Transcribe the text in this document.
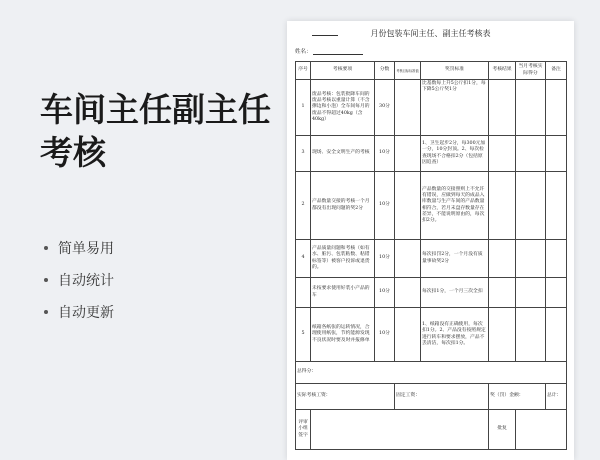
车间主任副主任考核
简单易用
自动统计
自动更新
月份包装车间主任、副主任考核表
姓名：
序号	考核要项	分数	考核目标标准值	奖罚标准	考核结果	当月考核实际得分	备注
1	废品考核：包装批降车间的废品考核以重量计算（不含撩边和小泡）全车间每月的废品不得超过40kg（含40kg）	30分		比基数每上升5公斤扣1分，每下降5公斤奖1分			
3	现场、安全文明生产的考核	10分		1、卫生起步2分，每300元加一分，10分封顶。2、每次检查现场不合格扣2分（包括原因追查）			
2	产品数量交接的考核一个月都没有出现问题的奖2分	10分		产品数量的交接照则上不允许有错误，应做到每天的成品入库数量与生产车间的产品数量相符合，若月末盘存数量存在差异，不能说明原由的，每次扣2分。			
4	产品质量问题和考核（如有水、脏污、包装粘数、粘错标签等）被客户投诉或退货的。	10分		每次扣罚2分，一个月没有质量事故奖2分			
	未按要求使用好装小产品的车	10分		每次扣1分，一个月三次全扣			
5	纸箱各纸张的运转情况，合理使用纸张，节约能源发现不良状况时要及时并报修单	10分		1、纸箱没有正确使用，每次扣1分。2、产品没有按照规定进行转车和要求摆放，产品不丢清洁，每次扣1分。			
总得分：							
实际考核工资：			固定工资：		奖（罚）金额：		总计：
评审小组签字					批复		
